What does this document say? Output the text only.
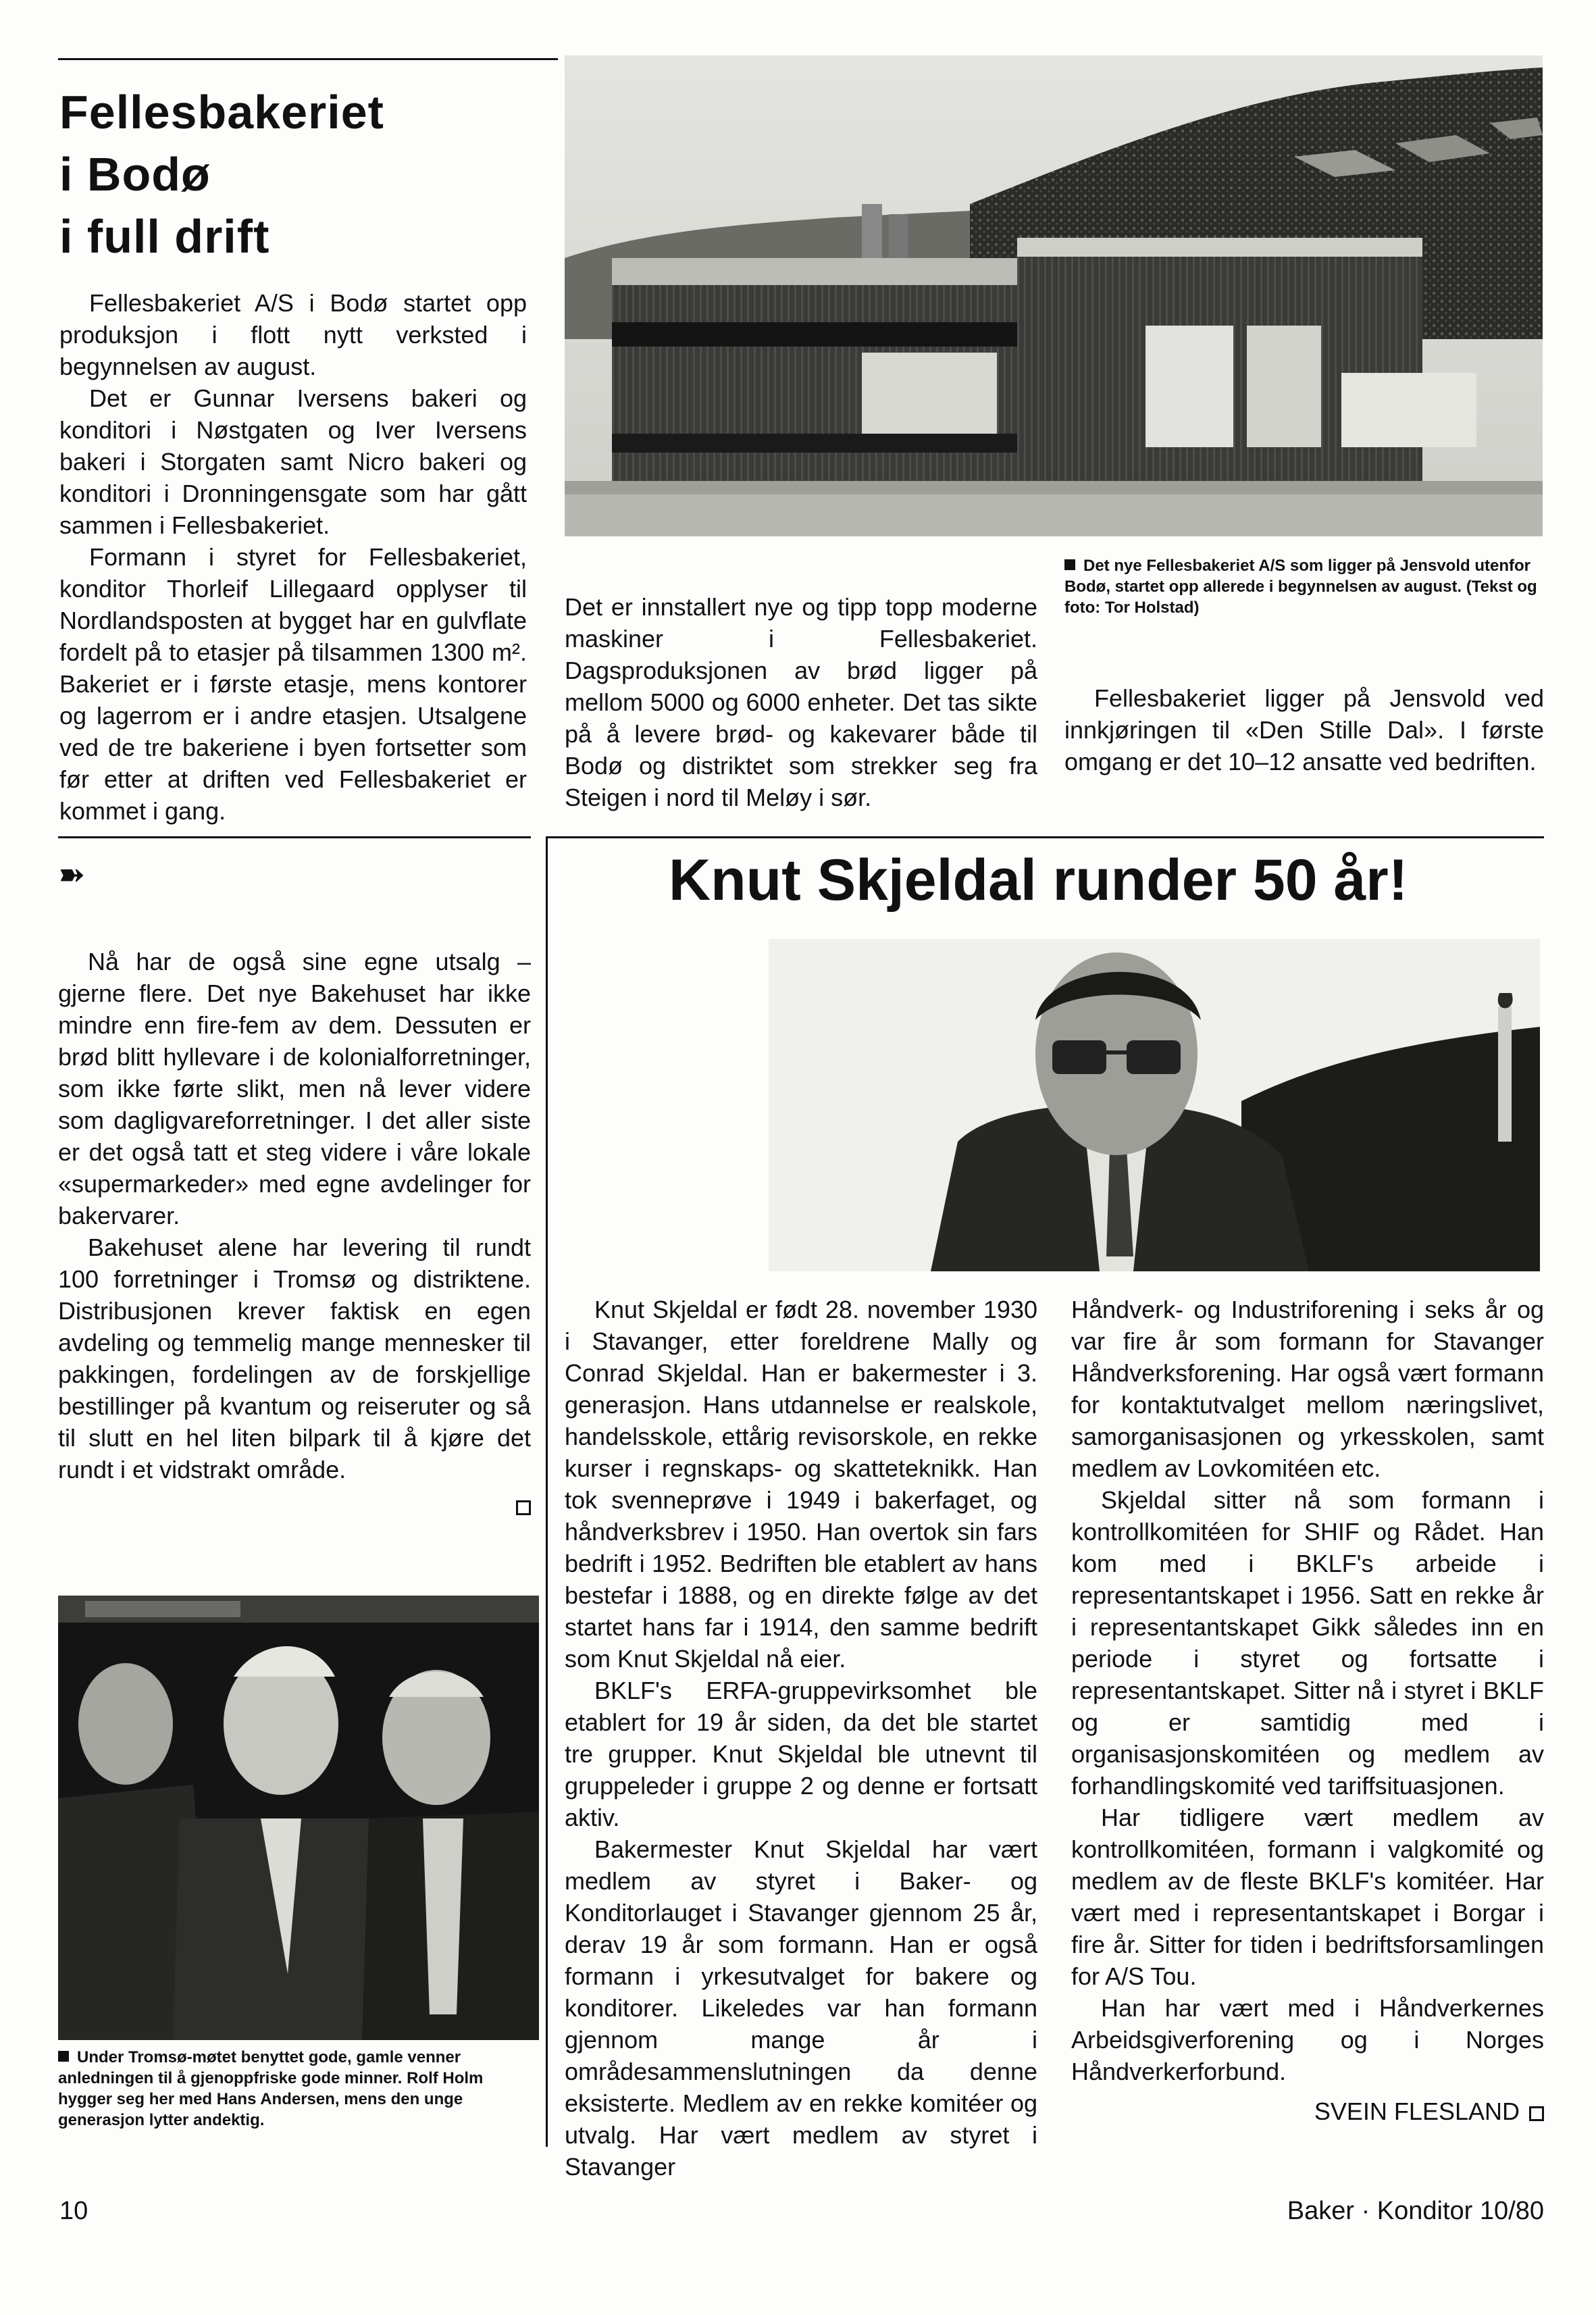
Fellesbakeriet
i Bodø
i full drift

Fellesbakeriet A/S i Bodø startet opp produksjon i flott nytt verksted i begynnelsen av august.

Det er Gunnar Iversens bakeri og konditori i Nøstgaten og Iver Iversens bakeri i Storgaten samt Nicro bakeri og konditori i Dronningensgate som har gått sammen i Fellesbakeriet.

Formann i styret for Fellesbakeriet, konditor Thorleif Lillegaard opplyser til Nordlandsposten at bygget har en gulvflate fordelt på to etasjer på tilsammen 1300 m². Bakeriet er i første etasje, mens kontorer og lagerrom er i andre etasjen. Utsalgene ved de tre bakeriene i byen fortsetter som før etter at driften ved Fellesbakeriet er kommet i gang.

Det er innstallert nye og tipp topp moderne maskiner i Fellesbakeriet. Dagsproduksjonen av brød ligger på mellom 5000 og 6000 enheter. Det tas sikte på å levere brød- og kakevarer både til Bodø og distriktet som strekker seg fra Steigen i nord til Meløy i sør.

Det nye Fellesbakeriet A/S som ligger på Jensvold utenfor Bodø, startet opp allerede i begynnelsen av august. (Tekst og foto: Tor Holstad)

Fellesbakeriet ligger på Jensvold ved innkjøringen til «Den Stille Dal». I første omgang er det 10–12 ansatte ved bedriften.

➽

Nå har de også sine egne utsalg – gjerne flere. Det nye Bakehuset har ikke mindre enn fire-fem av dem. Dessuten er brød blitt hyllevare i de kolonialforretninger, som ikke førte slikt, men nå lever videre som dagligvareforretninger. I det aller siste er det også tatt et steg videre i våre lokale «supermarkeder» med egne avdelinger for bakervarer.

Bakehuset alene har levering til rundt 100 forretninger i Tromsø og distriktene. Distribusjonen krever faktisk en egen avdeling og temmelig mange mennesker til pakkingen, fordelingen av de forskjellige bestillinger på kvantum og reiseruter og så til slutt en hel liten bilpark til å kjøre det rundt i et vidstrakt område.

Under Tromsø-møtet benyttet gode, gamle venner anledningen til å gjenoppfriske gode minner. Rolf Holm hygger seg her med Hans Andersen, mens den unge generasjon lytter andektig.
Knut Skjeldal runder 50 år!

Knut Skjeldal er født 28. november 1930 i Stavanger, etter foreldrene Mally og Conrad Skjeldal. Han er bakermester i 3. generasjon. Hans utdannelse er realskole, handelsskole, ettårig revisorskole, en rekke kurser i regnskaps- og skatteteknikk. Han tok svenneprøve i 1949 i bakerfaget, og håndverksbrev i 1950. Han overtok sin fars bedrift i 1952. Bedriften ble etablert av hans bestefar i 1888, og en direkte følge av det startet hans far i 1914, den samme bedrift som Knut Skjeldal nå eier.

BKLF's ERFA-gruppevirksomhet ble etablert for 19 år siden, da det ble startet tre grupper. Knut Skjeldal ble utnevnt til gruppeleder i gruppe 2 og denne er fortsatt aktiv.

Bakermester Knut Skjeldal har vært medlem av styret i Baker- og Konditorlauget i Stavanger gjennom 25 år, derav 19 år som formann. Han er også formann i yrkesutvalget for bakere og konditorer. Likeledes var han formann gjennom mange år i områdesammenslutningen da denne eksisterte. Medlem av en rekke komitéer og utvalg. Har vært medlem av styret i Stavanger

Håndverk- og Industriforening i seks år og var fire år som formann for Stavanger Håndverksforening. Har også vært formann for kontaktutvalget mellom næringslivet, samorganisasjonen og yrkesskolen, samt medlem av Lovkomitéen etc.

Skjeldal sitter nå som formann i kontrollkomitéen for SHIF og Rådet. Han kom med i BKLF's arbeide i representantskapet i 1956. Satt en rekke år i representantskapet Gikk således inn en periode i styret og fortsatte i representantskapet. Sitter nå i styret i BKLF og er samtidig med i organisasjonskomitéen og medlem av forhandlingskomité ved tariffsituasjonen.

Har tidligere vært medlem av kontrollkomitéen, formann i valgkomité og medlem av de fleste BKLF's komitéer. Har vært med i representantskapet i Borgar i fire år. Sitter for tiden i bedriftsforsamlingen for A/S Tou.

Han har vært med i Håndverkernes Arbeidsgiverforening og i Norges Håndverkerforbund.

SVEIN FLESLAND
10	Baker · Konditor 10/80
